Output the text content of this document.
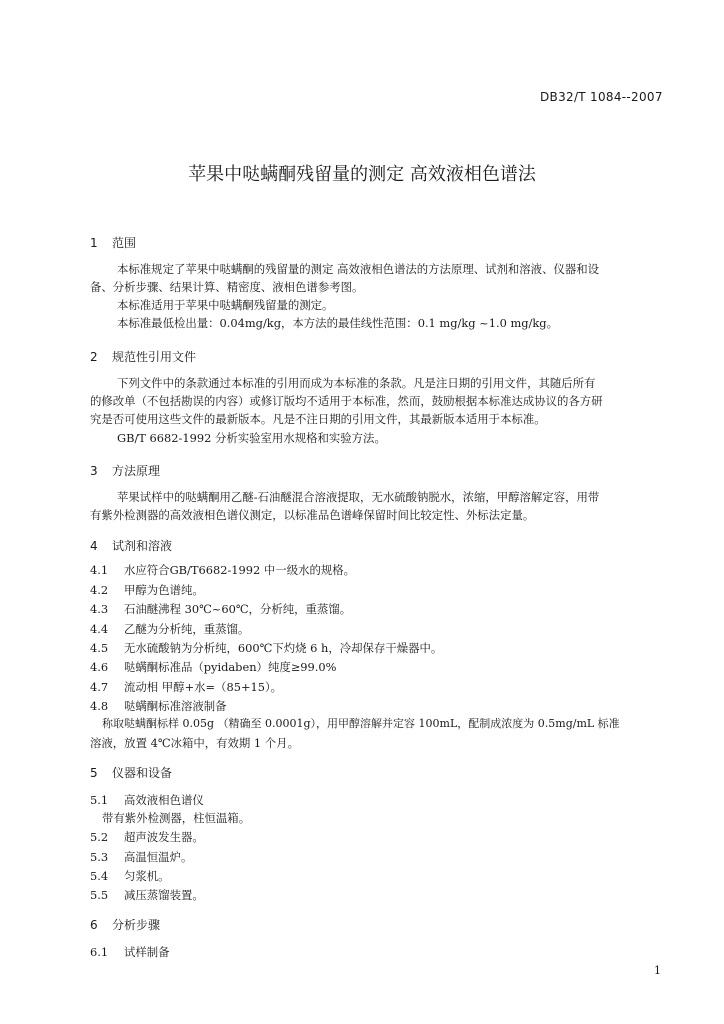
DB32/T 1084--2007
苹果中哒螨酮残留量的测定 高效液相色谱法
1 范围
本标准规定了苹果中哒螨酮的残留量的测定 高效液相色谱法的方法原理、试剂和溶液、仪器和设
备、分析步骤、结果计算、精密度、液相色谱参考图。
本标准适用于苹果中哒螨酮残留量的测定。
本标准最低检出量：0.04mg/kg，本方法的最佳线性范围：0.1 mg/kg ~1.0 mg/kg。
2 规范性引用文件
下列文件中的条款通过本标准的引用而成为本标准的条款。凡是注日期的引用文件，其随后所有
的修改单（不包括勘误的内容）或修订版均不适用于本标准，然而，鼓励根据本标准达成协议的各方研
究是否可使用这些文件的最新版本。凡是不注日期的引用文件，其最新版本适用于本标准。
GB/T 6682-1992 分析实验室用水规格和实验方法。
3 方法原理
苹果试样中的哒螨酮用乙醚-石油醚混合溶液提取，无水硫酸钠脱水，浓缩，甲醇溶解定容，用带
有紫外检测器的高效液相色谱仪测定，以标准品色谱峰保留时间比较定性、外标法定量。
4 试剂和溶液
4.1 水应符合GB/T6682-1992 中一级水的规格。
4.2 甲醇为色谱纯。
4.3 石油醚沸程 30℃~60℃，分析纯，重蒸馏。
4.4 乙醚为分析纯，重蒸馏。
4.5 无水硫酸钠为分析纯，600℃下灼烧 6 h，冷却保存干燥器中。
4.6 哒螨酮标准品（pyidaben）纯度≥99.0%
4.7 流动相 甲醇+水=（85+15）。
4.8 哒螨酮标准溶液制备
称取哒螨酮标样 0.05g （精确至 0.0001g），用甲醇溶解并定容 100mL，配制成浓度为 0.5mg/mL 标准
溶液，放置 4℃冰箱中，有效期 1 个月。
5 仪器和设备
5.1 高效液相色谱仪
带有紫外检测器，柱恒温箱。
5.2 超声波发生器。
5.3 高温恒温炉。
5.4 匀浆机。
5.5 减压蒸馏装置。
6 分析步骤
6.1 试样制备
1
